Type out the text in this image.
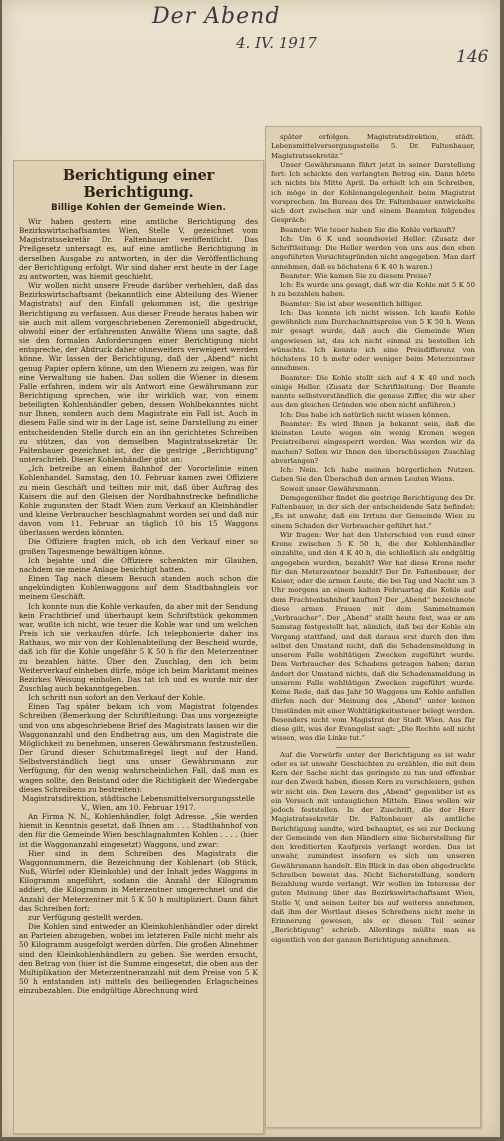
Der Abend
4. IV. 1917
146
Berichtigung einer Berichtigung.
Billige Kohlen der Gemeinde Wien.

Wir haben gestern eine amtliche Berichtigung des Bezirkswirtschaftsamtes Wien, Stelle V, gezeichnet vom Magistratssekretär Dr. Faltenbauer veröffentlicht. Das Preßgesetz untersagt es, auf eine amtliche Berichtigung in derselben Ausgabe zu antworten, in der die Veröffentlichung der Berichtigung erfolgt. Wir sind daher erst heute in der Lage zu antworten, was hiemit geschieht.

Wir wollen nicht unsere Freude darüber verhehlen, daß das Bezirkswirtschaftsamt (bekanntlich eine Abteilung des Wiener Magistrats) auf den Einfall gekommen ist, die gestrige Berichtigung zu verfassen. Aus dieser Freude heraus haben wir sie auch mit allem vorgeschriebenen Zeremoniell abgedruckt, obwohl einer der erfahrensten Anwälte Wiens uns sagte, daß sie den formalen Anforderungen einer Berichtigung nicht entspreche, der Abdruck daher ohneweiters verweigert werden könne. Wir lassen der Berichtigung, daß der „Abend“ nicht genug Papier opfern könne, um den Wienern zu zeigen, was für eine Verwaltung sie haben. Das sollen die Wiener in diesem Falle erfahren, indem wir als Antwort eine Gewährsmann zur Berichtigung sprechen, wie ihr wirklich war, von einem beteiligten Kohlenhändler geben, dessen Wohlbekanntes nicht nur Ihnen, sondern auch dem Magistrate ein Fall ist. Auch in diesem Falle sind wir in der Lage ist, seine Darstellung zu einer entscheidenden Stelle durch ein an ihn gerichtetes Schreiben zu stützen, das von demselben Magistratssekretär Dr. Faltenbauer gezeichnet ist, der die gestrige „Berichtigung“ unterschrieb. Dieser Kohlenhändler gibt an:

„Ich betreibe an einem Bahnhof der Vorortelinie einen Kohlenhandel. Samstag, den 10. Februar kamen zwei Offiziere zu mein Geschäft und teilten mir mit, daß über Auftrag des Kaisers die auf den Gleisen der Nordbahnstrecke befindliche Kohle zugunsten der Stadt Wien zum Verkauf an Kleinhändler und kleine Verbraucher beschlagnahmt worden sei und daß mir davon vom 11. Februar an täglich 10 bis 15 Waggons überlassen werden könnten.

Die Offiziere fragten mich, ob ich den Verkauf einer so großen Tagesmenge bewältigen könne.

Ich bejahte und die Offiziere schenkten mir Glauben, nachdem sie meine Anlage besichtigt hatten.

Einen Tag nach diesem Besuch standen auch schon die angekündigten Kohlenwaggons auf dem Stadtbahngleis vor meinem Geschäft.

Ich konnte nun die Kohle verkaufen, da aber mit der Sendung kein Frachtbrief und überhaupt kein Schriftstück gekommen war, wußte ich nicht, wie teuer die Kohle war und um welchen Preis ich sie verkaufen dürfe. Ich telephonierte daher ins Rathaus, wo mir von der Kohlenabteilung der Bescheid wurde, daß ich für die Kohle ungefähr 5 K 50 h für den Meterzentner zu bezahlen hätte. Über den Zuschlag, den ich beim Weiterverkauf einheben dürfe, möge ich beim Marktamt meines Bezirkes Weisung einholen. Das tat ich und es wurde mir der Zuschlag auch bekanntgegeben.

Ich schritt nun sofort an den Verkauf der Kohle.

Einen Tag später bekam ich vom Magistrat folgendes Schreiben (Bemerkung der Schriftleitung: Das uns vorgezeigte und von uns abgeschriebene Brief des Magistrats lassen wir die Waggonanzahl und den Endbetrag aus, um den Magistrate die Möglichkeit zu benehmen, unseren Gewährsmann festzustellen. Der Grund dieser Schutzmaßregel liegt auf der Hand. Selbstverständlich liegt uns unser Gewährsmann zur Verfügung, für den wenig wahrscheinlichen Fall, daß man es wagen sollte, den Beistand oder die Richtigkeit der Wiedergabe dieses Schreibens zu bestreiten):

Magistratsdirektion, städtische Lebensmittelversorgungsstelle V., Wien, am 10. Februar 1917.

An Firma N. N., Kohlenhändler, folgt Adresse. „Sie werden hiemit in Kenntnis gesetzt, daß Ihnen am . . . Stadtbahnhof von den für die Gemeinde Wien beschlagnahmten Kohlen . . . . (hier ist die Waggonanzahl eingesetzt) Waggons, und zwar:

Hier sind in dem Schreiben des Magistrats die Waggonnummern, die Bezeichnung der Kohlenart (ob Stück, Nuß, Würfel oder Kleinkohle) und der Inhalt jedes Waggons in Kilogramm angeführt, sodann die Anzahl der Kilogramm addiert, die Kilogramm in Meterzentner umgerechnet und die Anzahl der Meterzentner mit 5 K 50 h multipliziert. Dann fährt das Schreiben fort:

zur Verfügung gestellt werden.

Die Kohlen sind entweder an Kleinkohlenhändler oder direkt an Parteien abzugeben, wobei im letzteren Falle nicht mehr als 50 Kilogramm ausgefolgt werden dürfen. Die großen Abnehmer sind den Kleinkohlenhändlern zu geben. Sie werden ersucht, den Betrag von (hier ist die Summe eingesetzt, die oben aus der Multiplikation der Meterzentneranzahl mit dem Preise von 5 K 50 h entstanden ist) mittels des beiliegenden Erlagscheines einzubezahlen. Die endgültige Abrechnung wird

später erfolgen. Magistratsdirektion, städt. Lebensmittelversorgungsstelle 5. Dr. Faltenbauer, Magistratssekretär.“

Unser Gewährsmann fährt jetzt in seiner Darstellung fort: Ich schickte den verlangten Betrag ein. Dann hörte ich nichts bis Mitte April. Da erhielt ich ein Schreiben, ich möge in der Kohlenangelegenheit beim Magistrat vorsprechen. Im Bureau des Dr. Faltenbauer entwickelte sich dort zwischen mir und einem Beamten folgendes Gespräch:

Beamter: Wie teuer haben Sie die Kohle verkauft?

Ich: Um 6 K und soundsoviel Heller. (Zusatz der Schriftleitung: Die Heller werden von uns aus den eben angeführten Vorsichtsgründen nicht angegeben. Man darf annehmen, daß es höchstens 6 K 40 h waren.)

Beamter: Wie kamen Sie zu diesem Preise?

Ich: Es wurde uns gesagt, daß wir die Kohle mit 5 K 50 h zu bezahlen haben.

Beamter: Sie ist aber wesentlich billiger.

Ich: Das konnte ich nicht wissen. Ich kaufe Kohle gewöhnlich zum Durchschnittspreise von 5 K 50 h. Wenn mir gesagt wurde, daß auch die Gemeinde Wien angewiesen ist, das ich nicht einmal zu bestellen ich wünschte. Ich konnte ich eine Preisdifferenz von höchstens 10 h mehr oder weniger beim Meterzentner annehmen.

Beamter: Die Kohle stellt sich auf 4 K 40 und noch einige Heller. (Zusatz der Schriftleitung: Der Beamte nannte selbstverständlich die genaue Ziffer, die wir aber aus den gleichen Gründen wie oben nicht anführen.)

Ich: Das habe ich natürlich nicht wissen können.

Beamter: Es wird Ihnen ja bekannt sein, daß die kleinsten Leute wegen ein wenig Kronen wegen Preistreiberei eingesperrt werden. Was werden wir da machen? Sollen wir Ihnen den überschüssigen Zuschlag abverlangen?

Ich: Nein. Ich habe meinen bürgerlichen Nutzen. Geben Sie den Überschuß den armen Leuten Wiens.

Soweit unser Gewährsmann.

Demgegenüber findet die gestrige Berichtigung des Dr. Faltenbauer, in der sich der entscheidende Satz befindet: „Es ist unwahr, daß ein Irrtum der Gemeinde Wien zu einem Schaden der Verbraucher geführt hat.“

Wir fragen: Wer hat den Unterschied von rund einer Krone zwischen 5 K 50 h, die der Kohlenhändler einzahlte, und den 4 K 40 h, die schließlich als endgültig angegeben wurden, bezahlt? Wer hat diese Krone mehr für den Meterzentner bezahlt? Der Dr. Faltenbauer, der Kaiser, oder die armen Leute, die bei Tag und Nacht um 3 Uhr morgens an einem kalten Februartag die Kohle auf dem Frachtenbahnhof kauften? Der „Abend“ bezeichnete diese armen Frauen mit dem Sammelnamen „Verbraucher“. Der „Abend“ stellt heute fest, was er am Samstag festgestellt hat, nämlich, daß bei der Kohle ein Vorgang stattfand, und daß daraus erst durch den ihm selbst den Umstand nicht, daß die Schadensmeldung in unserem Falle wohltätigen Zwecken zugeführt wurde. Dem Verbraucher des Schadens getragen haben; daran ändert der Umstand nichts, daß die Schadensmeldung in unserem Falle wohltätigen Zwecken zugeführt wurde. Keine Rede, daß das Jahr 50 Waggons um Kohle anfallen dürfen nach der Meinung des „Abend“ unter keinen Umständen mit einer Wohltätigkeitssteuer belegt werden. Besonders nicht vom Magistrat der Stadt Wien. Aus für diese gilt, was der Evangelist sagt: „Die Rechte soll nicht wissen, was die Linke tut.“

Auf die Vorwürfe unter der Berichtigung es ist wahr oder es ist unwahr Geschichten zu erzählen, die mit dem Kern der Sache nicht das geringste zu tun und offenbar nur den Zweck haben, diesen Kern zu verschleiern, gehen wir nicht ein. Den Lesern des „Abend“ gegenüber ist es ein Versuch mit untauglichen Mitteln. Eines wollen wir jedoch feststellen. In der Zuschrift, die der Herr Magistratssekretär Dr. Faltenbauer als amtliche Berichtigung sandte, wird behauptet, es sei zur Deckung der Gemeinde von den Händlern eine Sicherstellung für den kreditierten Kaufpreis verlangt worden. Das ist unwahr, zumindest insofern es sich um unseren Gewährsmann handelt. Ein Blick in das oben abgedruckte Schreiben beweist das. Nicht Sicherstellung, sondern Bezahlung wurde verlangt. Wir wollen im Interesse der guten Meinung über das Bezirkswirtschaftsamt Wien, Stelle V, und seinen Leiter bis auf weiteres annehmen, daß ihm der Wortlaut dieses Schreibens nicht mehr in Erinnerung gewesen, als er diesen Teil seiner „Berichtigung“ schrieb. Allerdings müßte man es eigentlich von der ganzen Berichtigung annehmen.
